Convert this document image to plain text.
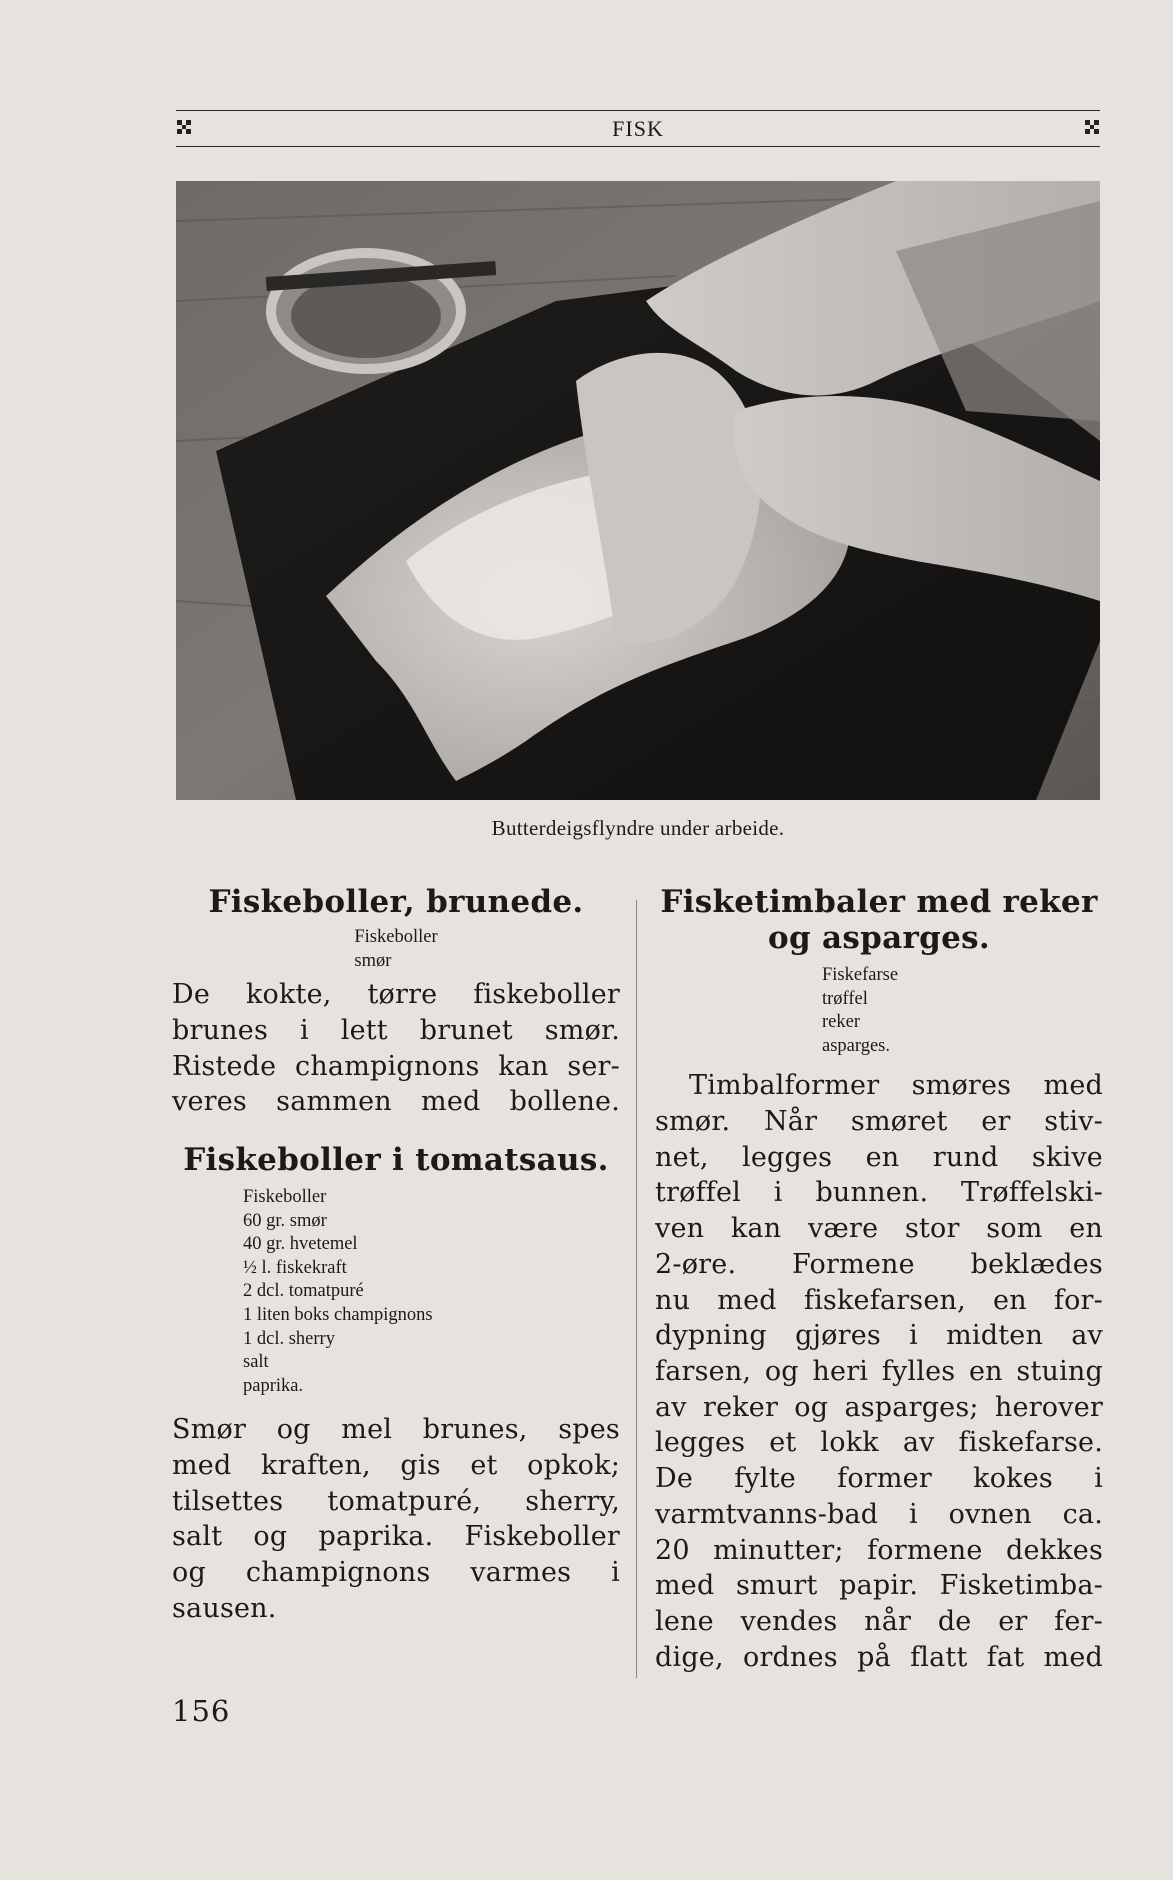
FISK
Butterdeigsflyndre under arbeide.
Fiskeboller, brunede.
Fiskeboller
smør
De kokte, tørre fiskeboller
brunes i lett brunet smør.
Ristede champignons kan ser-
veres sammen med bollene.
Fiskeboller i tomatsaus.
Fiskeboller
60 gr. smør
40 gr. hvetemel
½ l. fiskekraft
2 dcl. tomatpuré
1 liten boks champignons
1 dcl. sherry
salt
paprika.
Smør og mel brunes, spes
med kraften, gis et opkok;
tilsettes tomatpuré, sherry,
salt og paprika. Fiskeboller
og champignons varmes i
sausen.
Fisketimbaler med reker
og asparges.
Fiskefarse
trøffel
reker
asparges.
Timbalformer smøres med
smør. Når smøret er stiv-
net, legges en rund skive
trøffel i bunnen. Trøffelski-
ven kan være stor som en
2-øre. Formene beklædes
nu med fiskefarsen, en for-
dypning gjøres i midten av
farsen, og heri fylles en stuing
av reker og asparges; herover
legges et lokk av fiskefarse.
De fylte former kokes i
varmtvanns-bad i ovnen ca.
20 minutter; formene dekkes
med smurt papir. Fisketimba-
lene vendes når de er fer-
dige, ordnes på flatt fat med
156
